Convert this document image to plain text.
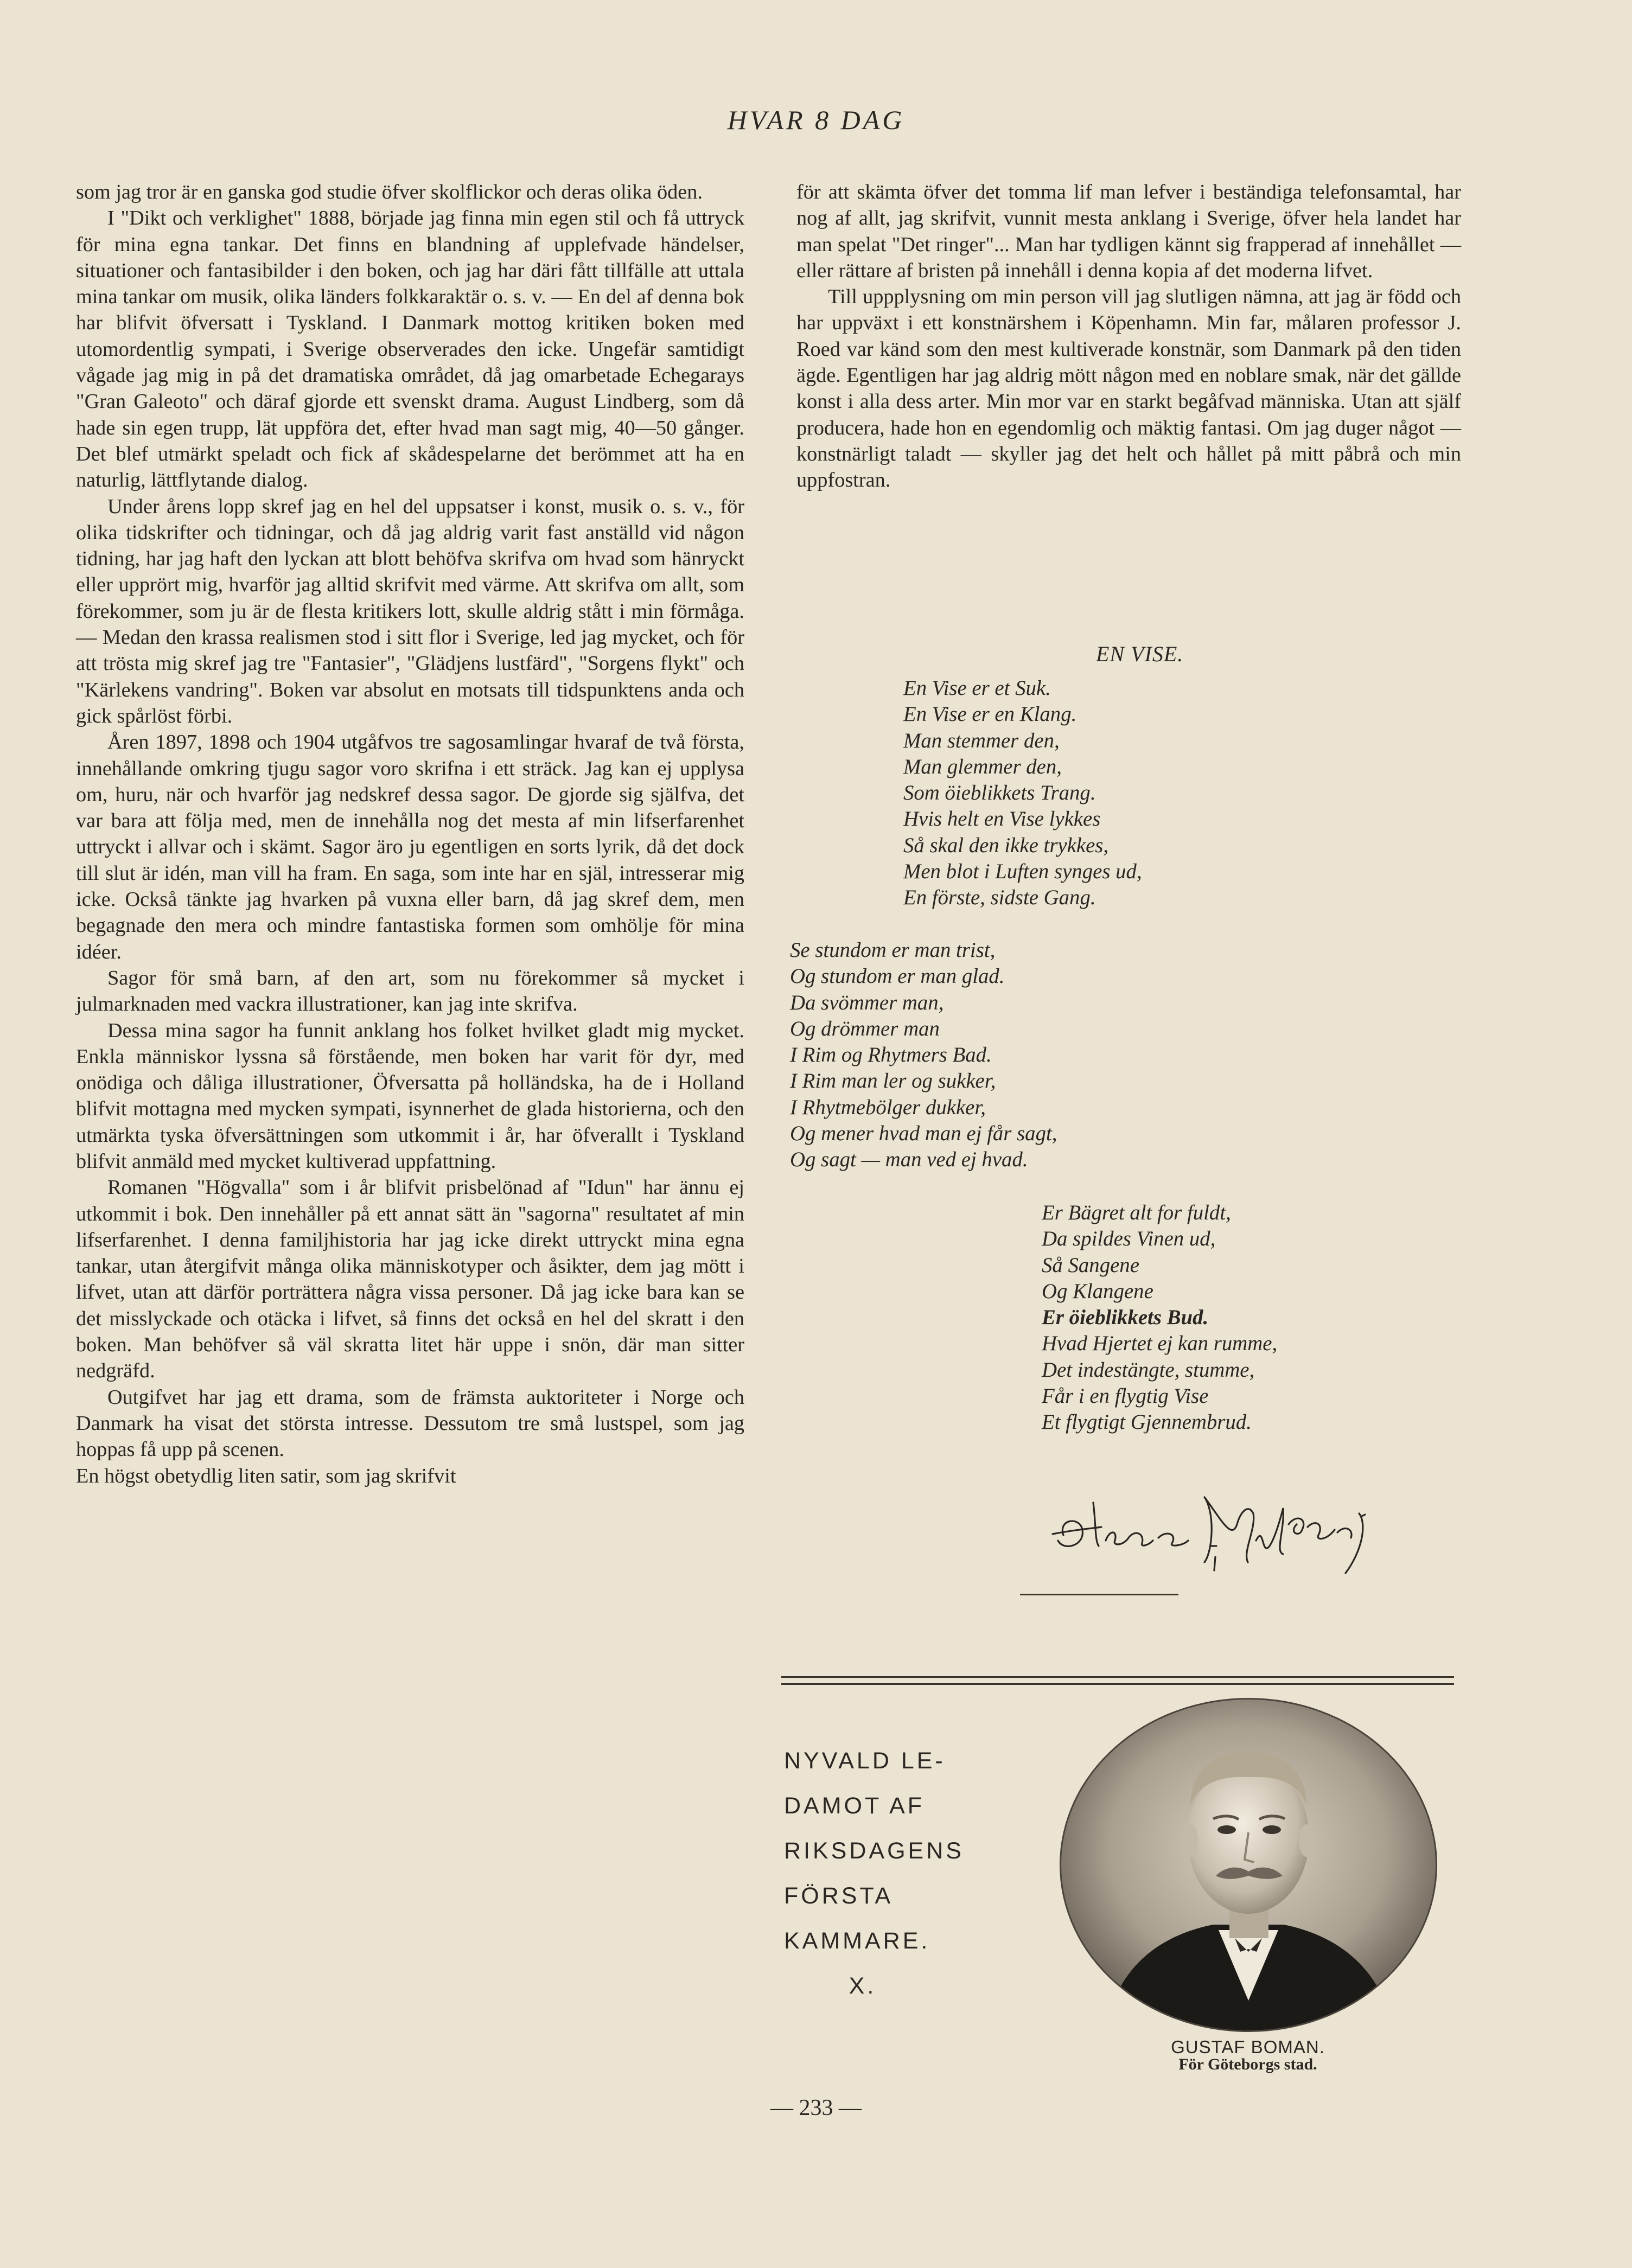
HVAR 8 DAG

som jag tror är en ganska god studie öfver skolflickor och deras olika öden.

I "Dikt och verklighet" 1888, började jag finna min egen stil och få uttryck för mina egna tankar. Det finns en blandning af upplefvade händelser, situationer och fantasibilder i den boken, och jag har däri fått tillfälle att uttala mina tankar om musik, olika länders folkkaraktär o. s. v. — En del af denna bok har blifvit öfversatt i Tyskland. I Danmark mottog kritiken boken med utomordentlig sympati, i Sverige observerades den icke. Ungefär samtidigt vågade jag mig in på det dramatiska området, då jag omarbetade Echegarays "Gran Galeoto" och däraf gjorde ett svenskt drama. August Lindberg, som då hade sin egen trupp, lät uppföra det, efter hvad man sagt mig, 40—50 gånger. Det blef utmärkt speladt och fick af skådespelarne det berömmet att ha en naturlig, lättflytande dialog.

Under årens lopp skref jag en hel del uppsatser i konst, musik o. s. v., för olika tidskrifter och tidningar, och då jag aldrig varit fast anställd vid någon tidning, har jag haft den lyckan att blott behöfva skrifva om hvad som hänryckt eller upprört mig, hvarför jag alltid skrifvit med värme. Att skrifva om allt, som förekommer, som ju är de flesta kritikers lott, skulle aldrig stått i min förmåga. — Medan den krassa realismen stod i sitt flor i Sverige, led jag mycket, och för att trösta mig skref jag tre "Fantasier", "Glädjens lustfärd", "Sorgens flykt" och "Kärlekens vandring". Boken var absolut en motsats till tidspunktens anda och gick spårlöst förbi.

Åren 1897, 1898 och 1904 utgåfvos tre sagosamlingar hvaraf de två första, innehållande omkring tjugu sagor voro skrifna i ett sträck. Jag kan ej upplysa om, huru, när och hvarför jag nedskref dessa sagor. De gjorde sig själfva, det var bara att följa med, men de innehålla nog det mesta af min lifserfarenhet uttryckt i allvar och i skämt. Sagor äro ju egentligen en sorts lyrik, då det dock till slut är idén, man vill ha fram. En saga, som inte har en själ, intresserar mig icke. Också tänkte jag hvarken på vuxna eller barn, då jag skref dem, men begagnade den mera och mindre fantastiska formen som omhölje för mina idéer.

Sagor för små barn, af den art, som nu förekommer så mycket i julmarknaden med vackra illustrationer, kan jag inte skrifva.

Dessa mina sagor ha funnit anklang hos folket hvilket gladt mig mycket. Enkla människor lyssna så förstående, men boken har varit för dyr, med onödiga och dåliga illustrationer, Öfversatta på holländska, ha de i Holland blifvit mottagna med mycken sympati, isynnerhet de glada historierna, och den utmärkta tyska öfversättningen som utkommit i år, har öfverallt i Tyskland blifvit anmäld med mycket kultiverad uppfattning.

Romanen "Högvalla" som i år blifvit prisbelönad af "Idun" har ännu ej utkommit i bok. Den innehåller på ett annat sätt än "sagorna" resultatet af min lifserfarenhet. I denna familjhistoria har jag icke direkt uttryckt mina egna tankar, utan återgifvit många olika människotyper och åsikter, dem jag mött i lifvet, utan att därför porträttera några vissa personer. Då jag icke bara kan se det misslyckade och otäcka i lifvet, så finns det också en hel del skratt i den boken. Man behöfver så väl skratta litet här uppe i snön, där man sitter nedgräfd.

Outgifvet har jag ett drama, som de främsta auktoriteter i Norge och Danmark ha visat det största intresse. Dessutom tre små lustspel, som jag hoppas få upp på scenen.

En högst obetydlig liten satir, som jag skrifvit

för att skämta öfver det tomma lif man lefver i beständiga telefonsamtal, har nog af allt, jag skrifvit, vunnit mesta anklang i Sverige, öfver hela landet har man spelat "Det ringer"... Man har tydligen kännt sig frapperad af innehållet — eller rättare af bristen på innehåll i denna kopia af det moderna lifvet.

Till uppplysning om min person vill jag slutligen nämna, att jag är född och har uppväxt i ett konstnärshem i Köpenhamn. Min far, målaren professor J. Roed var känd som den mest kultiverade konstnär, som Danmark på den tiden ägde. Egentligen har jag aldrig mött någon med en noblare smak, när det gällde konst i alla dess arter. Min mor var en starkt begåfvad människa. Utan att själf producera, hade hon en egendomlig och mäktig fantasi. Om jag duger något — konstnärligt taladt — skyller jag det helt och hållet på mitt påbrå och min uppfostran.

EN VISE.
En Vise er et Suk.
En Vise er en Klang.
Man stemmer den,
Man glemmer den,
Som öieblikkets Trang.
Hvis helt en Vise lykkes
Så skal den ikke trykkes,
Men blot i Luften synges ud,
En förste, sidste Gang.
Se stundom er man trist,
Og stundom er man glad.
Da svömmer man,
Og drömmer man
I Rim og Rhytmers Bad.
I Rim man ler og sukker,
I Rhytmebölger dukker,
Og mener hvad man ej får sagt,
Og sagt — man ved ej hvad.
Er Bägret alt for fuldt,
Da spildes Vinen ud,
Så Sangene
Og Klangene
Er öieblikkets Bud.
Hvad Hjertet ej kan rumme,
Det indestängte, stumme,
Får i en flygtig Vise
Et flygtigt Gjennembrud.
NYVALD LE-
DAMOT AF
RIKSDAGENS
FÖRSTA
KAMMARE.
X.
GUSTAF BOMAN.
För Göteborgs stad.
— 233 —
